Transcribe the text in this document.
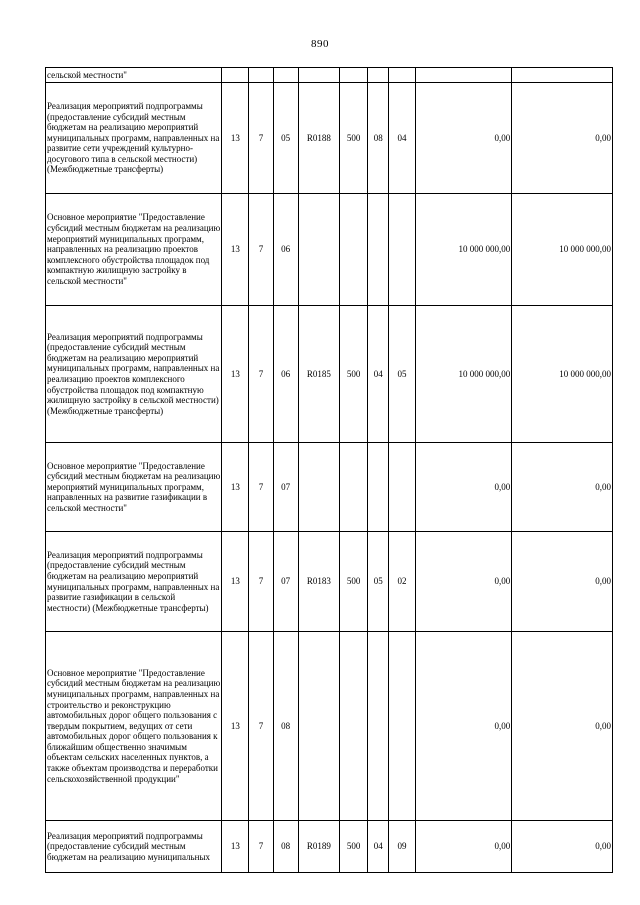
890
сельской местности"									
Реализация мероприятий подпрограммы (предоставление субсидий местным бюджетам на реализацию мероприятий муниципальных программ, направленных на развитие сети учреждений культурно-досугового типа в сельской местности) (Межбюджетные трансферты)	13	7	05	R0188	500	08	04	0,00	0,00
Основное мероприятие "Предоставление субсидий местным бюджетам на реализацию мероприятий муниципальных программ, направленных на реализацию проектов комплексного обустройства площадок под компактную жилищную застройку в сельской местности"	13	7	06					10 000 000,00	10 000 000,00
Реализация мероприятий подпрограммы (предоставление субсидий местным бюджетам на реализацию мероприятий муниципальных программ, направленных на реализацию проектов комплексного обустройства площадок под компактную жилищную застройку в сельской местности) (Межбюджетные трансферты)	13	7	06	R0185	500	04	05	10 000 000,00	10 000 000,00
Основное мероприятие "Предоставление субсидий местным бюджетам на реализацию мероприятий муниципальных программ, направленных на развитие газификации в сельской местности"	13	7	07					0,00	0,00
Реализация мероприятий подпрограммы (предоставление субсидий местным бюджетам на реализацию мероприятий муниципальных программ, направленных на развитие газификации в сельской местности) (Межбюджетные трансферты)	13	7	07	R0183	500	05	02	0,00	0,00
Основное мероприятие "Предоставление субсидий местным бюджетам на реализацию муниципальных программ, направленных на строительство и реконструкцию автомобильных дорог общего пользования с твердым покрытием, ведущих от сети автомобильных дорог общего пользования к ближайшим общественно значимым объектам сельских населенных пунктов, а также объектам производства и переработки сельскохозяйственной продукции"	13	7	08					0,00	0,00
Реализация мероприятий подпрограммы (предоставление субсидий местным бюджетам на реализацию муниципальных	13	7	08	R0189	500	04	09	0,00	0,00
